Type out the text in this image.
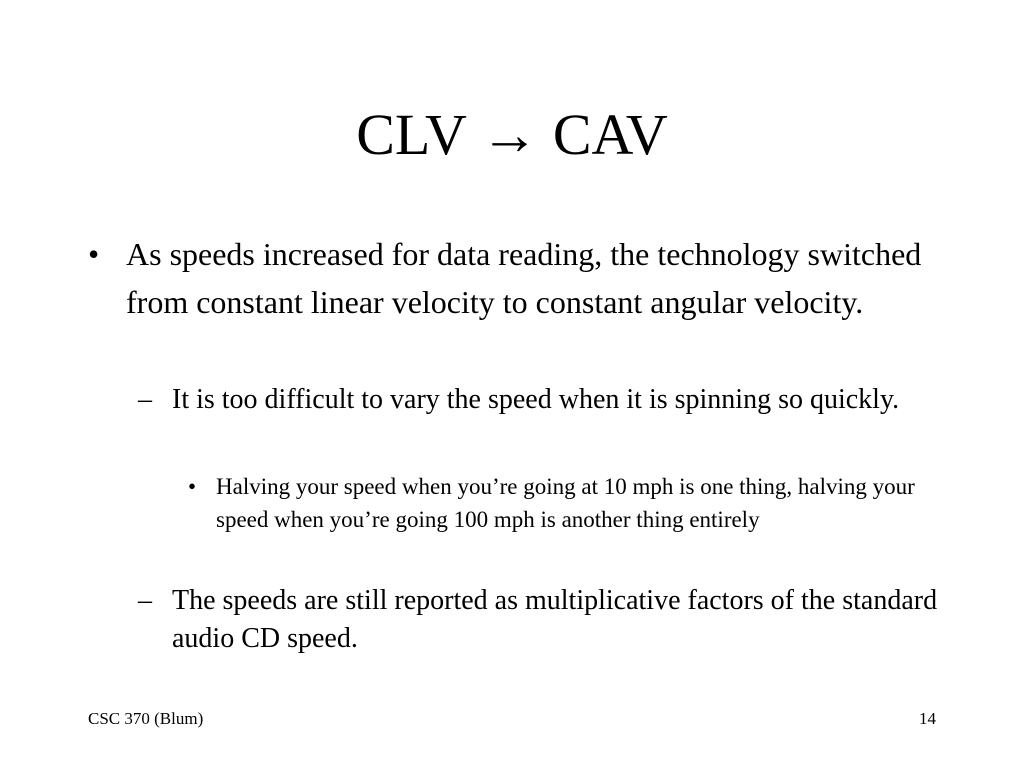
CLV → CAV
• As speeds increased for data reading, the technology switched from constant linear velocity to constant angular velocity.
– It is too difficult to vary the speed when it is spinning so quickly.
• Halving your speed when you’re going at 10 mph is one thing, halving your speed when you’re going 100 mph is another thing entirely
– The speeds are still reported as multiplicative factors of the standard audio CD speed.
CSC 370 (Blum)	14
